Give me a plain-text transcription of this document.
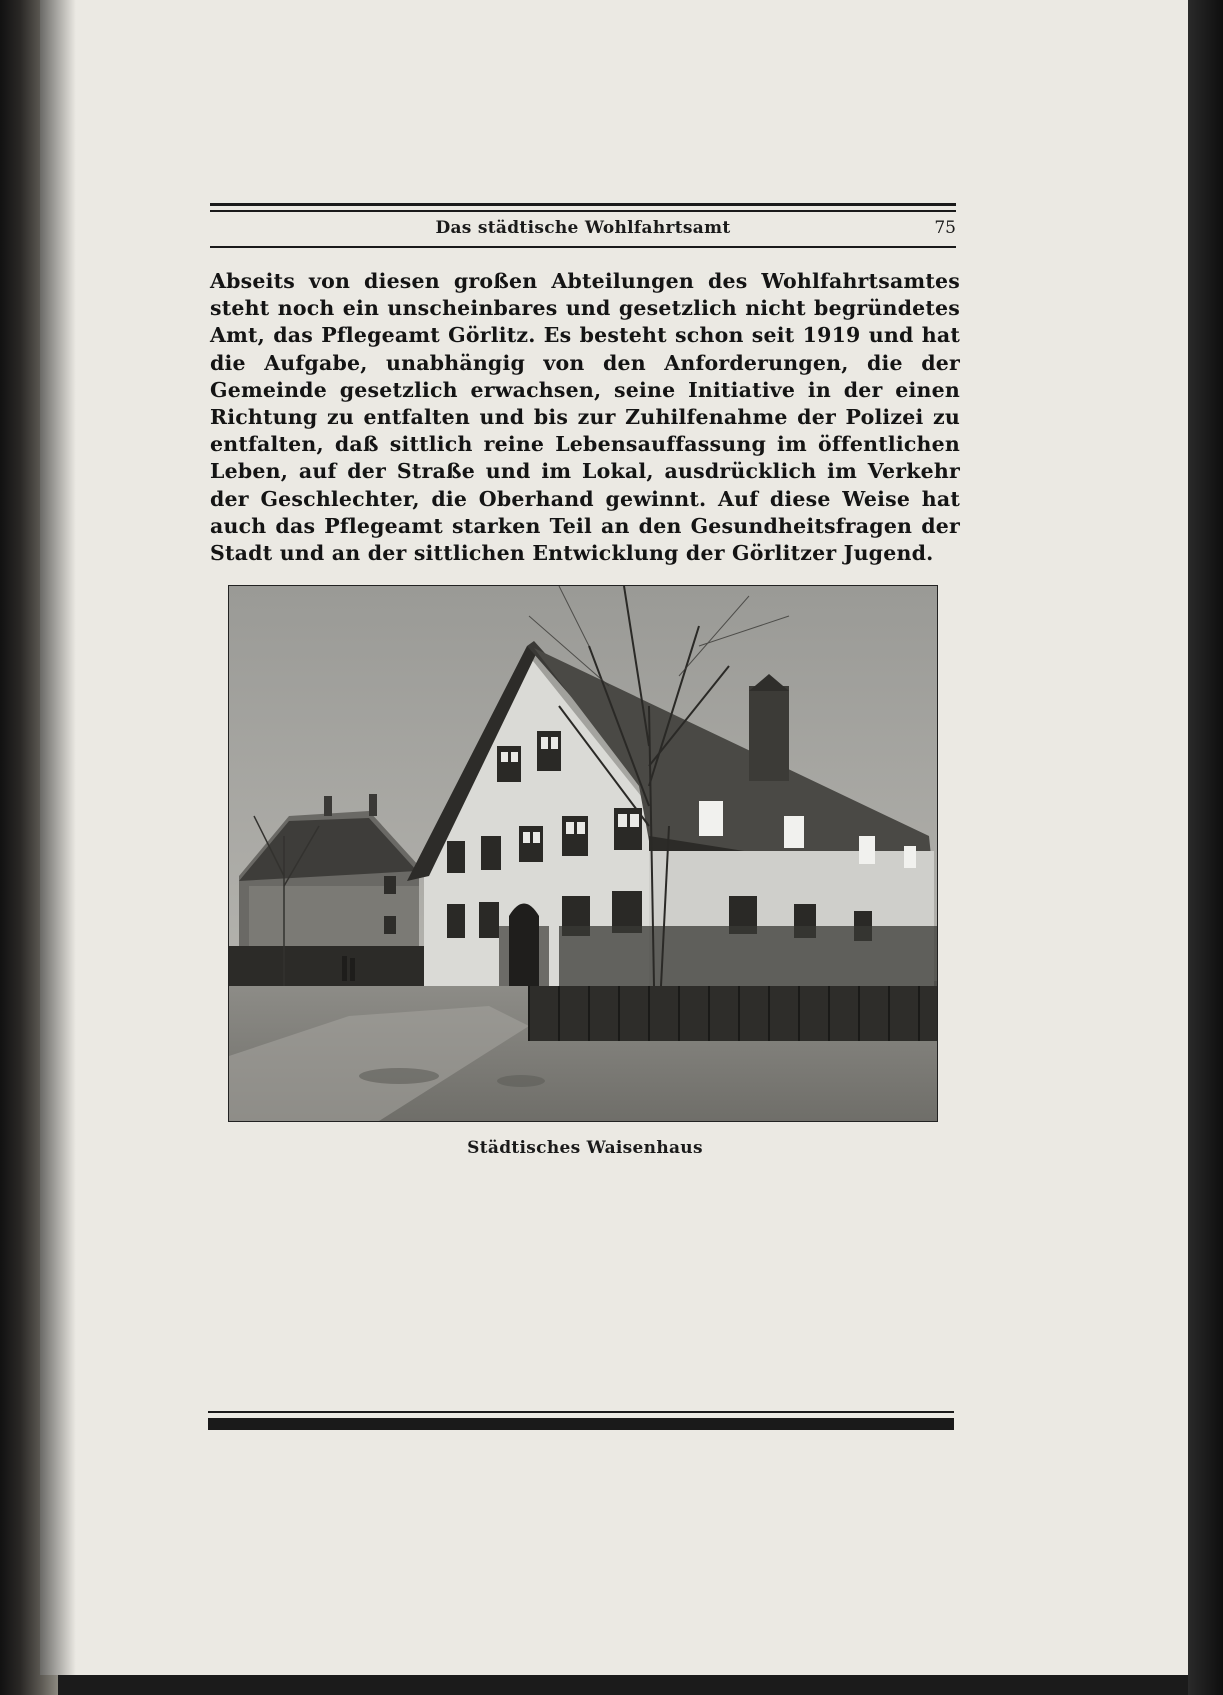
Das städtische Wohlfahrtsamt	75
Abseits von diesen großen Abteilungen des Wohlfahrtsamtes steht noch ein unscheinbares und gesetzlich nicht begründetes Amt, das Pflegeamt Görlitz. Es besteht schon seit 1919 und hat die Aufgabe, unabhängig von den Anforderungen, die der Gemeinde gesetzlich erwachsen, seine Initiative in der einen Richtung zu entfalten und bis zur Zuhilfenahme der Polizei zu entfalten, daß sittlich reine Lebensauffassung im öffentlichen Leben, auf der Straße und im Lokal, ausdrücklich im Verkehr der Geschlechter, die Oberhand gewinnt. Auf diese Weise hat auch das Pflegeamt starken Teil an den Gesundheitsfragen der Stadt und an der sittlichen Entwicklung der Görlitzer Jugend.
Städtisches Waisenhaus
